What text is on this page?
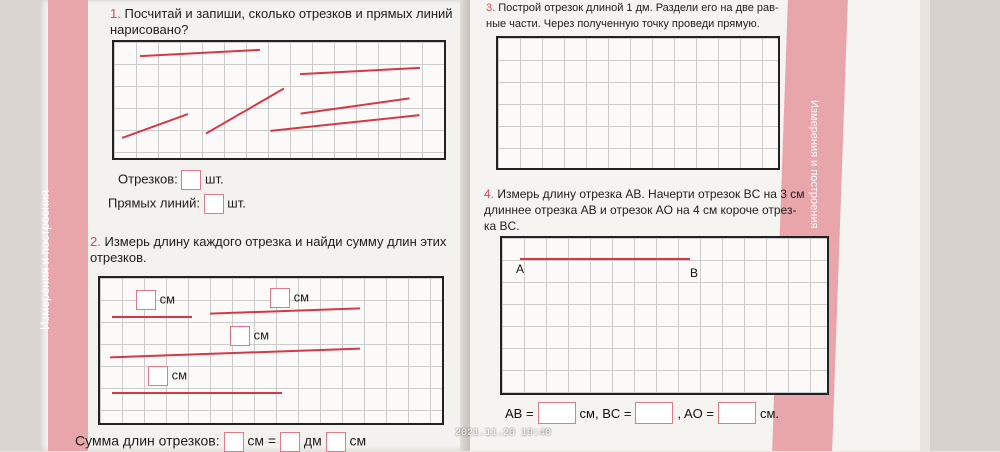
Измерения и построения
Измерения и построения
1. Посчитай и запиши, сколько отрезков и прямых линий
нарисовано?
Отрезков: шт.
Прямых линий: шт.
2. Измерь длину каждого отрезка и найди сумму длин этих
отрезков.
см	см
см
см
Сумма длин отрезков: см = дм см
3. Построй отрезок длиной 1 дм. Раздели его на две рав-
ные части. Через полученную точку проведи прямую.
4. Измерь длину отрезка AB. Начерти отрезок BC на 3 см
длиннее отрезка AB и отрезок AO на 4 см короче отрез-
ка BC.
A	B
AB =	см, BC =	, AO =	см.
2021.11.20 19:40
